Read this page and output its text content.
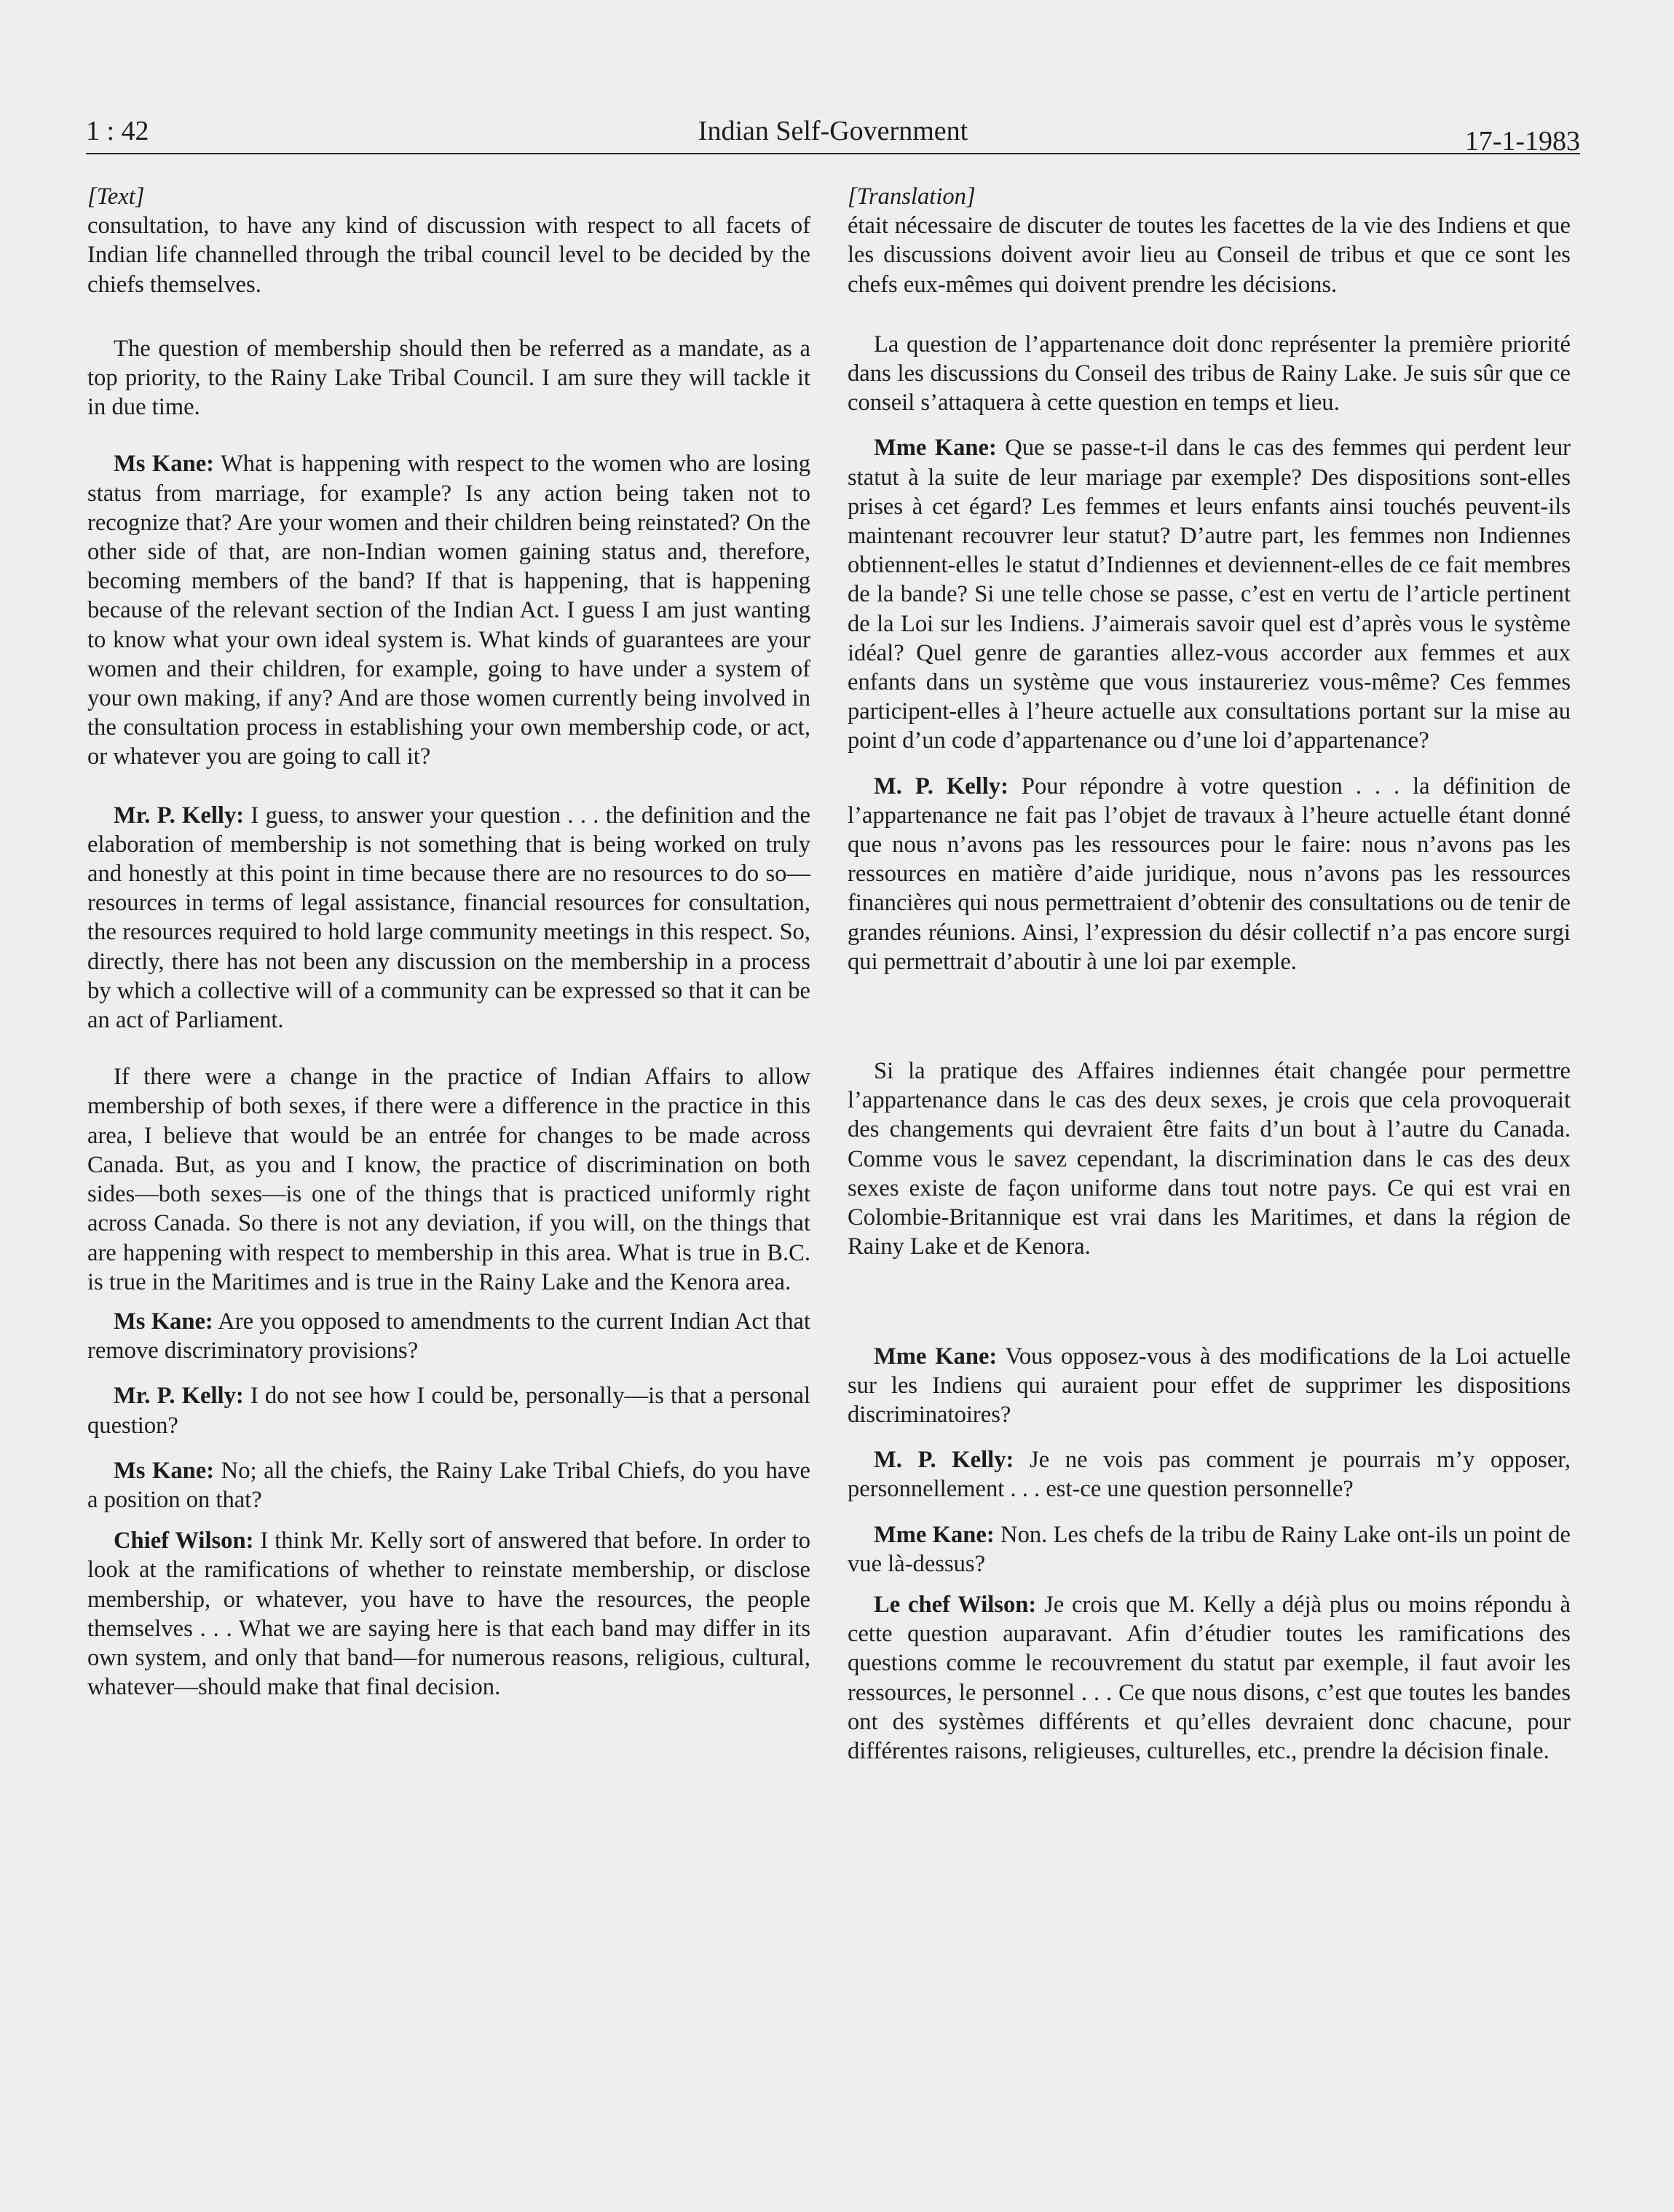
1 : 42	Indian Self-Government	17-1-1983

[Text]

consultation, to have any kind of discussion with respect to all facets of Indian life channelled through the tribal council level to be decided by the chiefs themselves.

The question of membership should then be referred as a mandate, as a top priority, to the Rainy Lake Tribal Council. I am sure they will tackle it in due time.

Ms Kane: What is happening with respect to the women who are losing status from marriage, for example? Is any action being taken not to recognize that? Are your women and their children being reinstated? On the other side of that, are non-Indian women gaining status and, therefore, becoming members of the band? If that is happening, that is happening because of the relevant section of the Indian Act. I guess I am just wanting to know what your own ideal system is. What kinds of guarantees are your women and their children, for example, going to have under a system of your own making, if any? And are those women currently being involved in the consultation process in establishing your own membership code, or act, or whatever you are going to call it?

Mr. P. Kelly: I guess, to answer your question . . . the definition and the elaboration of membership is not something that is being worked on truly and honestly at this point in time because there are no resources to do so—resources in terms of legal assistance, financial resources for consultation, the resources required to hold large community meetings in this respect. So, directly, there has not been any discussion on the membership in a process by which a collective will of a community can be expressed so that it can be an act of Parliament.

If there were a change in the practice of Indian Affairs to allow membership of both sexes, if there were a difference in the practice in this area, I believe that would be an entrée for changes to be made across Canada. But, as you and I know, the practice of discrimination on both sides—both sexes—is one of the things that is practiced uniformly right across Canada. So there is not any deviation, if you will, on the things that are happening with respect to membership in this area. What is true in B.C. is true in the Maritimes and is true in the Rainy Lake and the Kenora area.

Ms Kane: Are you opposed to amendments to the current Indian Act that remove discriminatory provisions?

Mr. P. Kelly: I do not see how I could be, personally—is that a personal question?

Ms Kane: No; all the chiefs, the Rainy Lake Tribal Chiefs, do you have a position on that?

Chief Wilson: I think Mr. Kelly sort of answered that before. In order to look at the ramifications of whether to reinstate membership, or disclose membership, or whatever, you have to have the resources, the people themselves . . . What we are saying here is that each band may differ in its own system, and only that band—for numerous reasons, religious, cultural, whatever—should make that final decision.

[Translation]

était nécessaire de discuter de toutes les facettes de la vie des Indiens et que les discussions doivent avoir lieu au Conseil de tribus et que ce sont les chefs eux-mêmes qui doivent prendre les décisions.

La question de l’appartenance doit donc représenter la première priorité dans les discussions du Conseil des tribus de Rainy Lake. Je suis sûr que ce conseil s’attaquera à cette question en temps et lieu.

Mme Kane: Que se passe-t-il dans le cas des femmes qui perdent leur statut à la suite de leur mariage par exemple? Des dispositions sont-elles prises à cet égard? Les femmes et leurs enfants ainsi touchés peuvent-ils maintenant recouvrer leur statut? D’autre part, les femmes non Indiennes obtiennent-elles le statut d’Indiennes et deviennent-elles de ce fait membres de la bande? Si une telle chose se passe, c’est en vertu de l’article pertinent de la Loi sur les Indiens. J’aimerais savoir quel est d’après vous le système idéal? Quel genre de garanties allez-vous accorder aux femmes et aux enfants dans un système que vous instaureriez vous-même? Ces femmes participent-elles à l’heure actuelle aux consultations portant sur la mise au point d’un code d’appartenance ou d’une loi d’appartenance?

M. P. Kelly: Pour répondre à votre question . . . la définition de l’appartenance ne fait pas l’objet de travaux à l’heure actuelle étant donné que nous n’avons pas les ressources pour le faire: nous n’avons pas les ressources en matière d’aide juridique, nous n’avons pas les ressources financières qui nous permettraient d’obtenir des consultations ou de tenir de grandes réunions. Ainsi, l’expression du désir collectif n’a pas encore surgi qui permettrait d’aboutir à une loi par exemple.

Si la pratique des Affaires indiennes était changée pour permettre l’appartenance dans le cas des deux sexes, je crois que cela provoquerait des changements qui devraient être faits d’un bout à l’autre du Canada. Comme vous le savez cependant, la discrimination dans le cas des deux sexes existe de façon uniforme dans tout notre pays. Ce qui est vrai en Colombie-Britannique est vrai dans les Maritimes, et dans la région de Rainy Lake et de Kenora.

Mme Kane: Vous opposez-vous à des modifications de la Loi actuelle sur les Indiens qui auraient pour effet de supprimer les dispositions discriminatoires?

M. P. Kelly: Je ne vois pas comment je pourrais m’y opposer, personnellement . . . est-ce une question personnelle?

Mme Kane: Non. Les chefs de la tribu de Rainy Lake ont-ils un point de vue là-dessus?

Le chef Wilson: Je crois que M. Kelly a déjà plus ou moins répondu à cette question auparavant. Afin d’étudier toutes les ramifications des questions comme le recouvrement du statut par exemple, il faut avoir les ressources, le personnel . . . Ce que nous disons, c’est que toutes les bandes ont des systèmes différents et qu’elles devraient donc chacune, pour différentes raisons, religieuses, culturelles, etc., prendre la décision finale.
